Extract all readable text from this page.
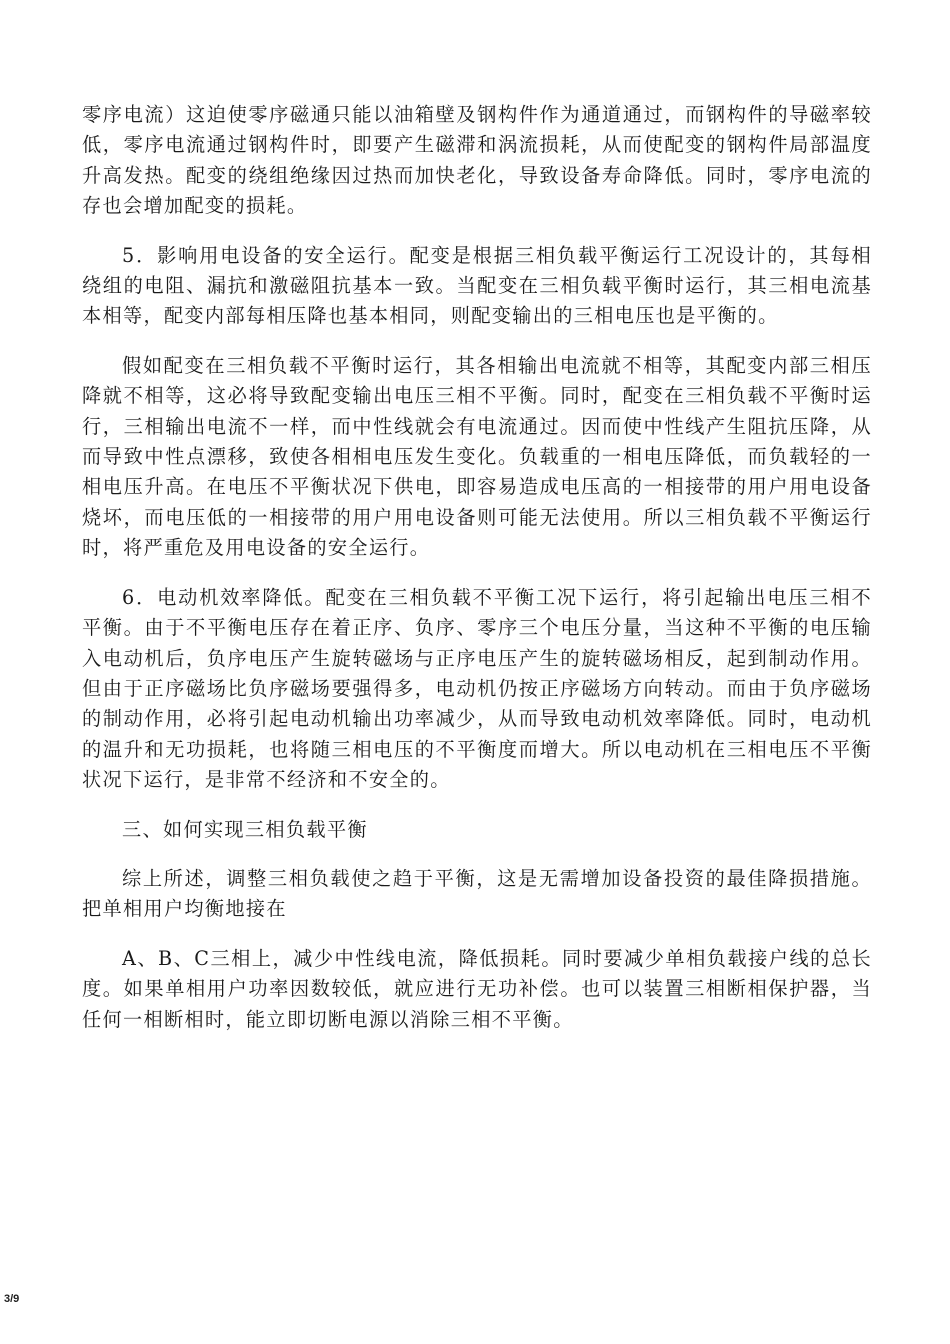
零序电流）这迫使零序磁通只能以油箱壁及钢构件作为通道通过，而钢构件的导磁率较低，零序电流通过钢构件时，即要产生磁滞和涡流损耗，从而使配变的钢构件局部温度升高发热。配变的绕组绝缘因过热而加快老化，导致设备寿命降低。同时，零序电流的存也会增加配变的损耗。

5．影响用电设备的安全运行。配变是根据三相负载平衡运行工况设计的，其每相绕组的电阻、漏抗和激磁阻抗基本一致。当配变在三相负载平衡时运行，其三相电流基本相等，配变内部每相压降也基本相同，则配变输出的三相电压也是平衡的。

假如配变在三相负载不平衡时运行，其各相输出电流就不相等，其配变内部三相压降就不相等，这必将导致配变输出电压三相不平衡。同时，配变在三相负载不平衡时运行，三相输出电流不一样，而中性线就会有电流通过。因而使中性线产生阻抗压降，从而导致中性点漂移，致使各相相电压发生变化。负载重的一相电压降低，而负载轻的一相电压升高。在电压不平衡状况下供电，即容易造成电压高的一相接带的用户用电设备烧坏，而电压低的一相接带的用户用电设备则可能无法使用。所以三相负载不平衡运行时，将严重危及用电设备的安全运行。

6．电动机效率降低。配变在三相负载不平衡工况下运行，将引起输出电压三相不平衡。由于不平衡电压存在着正序、负序、零序三个电压分量，当这种不平衡的电压输入电动机后，负序电压产生旋转磁场与正序电压产生的旋转磁场相反，起到制动作用。但由于正序磁场比负序磁场要强得多，电动机仍按正序磁场方向转动。而由于负序磁场的制动作用，必将引起电动机输出功率减少，从而导致电动机效率降低。同时，电动机的温升和无功损耗，也将随三相电压的不平衡度而增大。所以电动机在三相电压不平衡状况下运行，是非常不经济和不安全的。

三、如何实现三相负载平衡

综上所述，调整三相负载使之趋于平衡，这是无需增加设备投资的最佳降损措施。把单相用户均衡地接在

A、B、C三相上，减少中性线电流，降低损耗。同时要减少单相负载接户线的总长度。如果单相用户功率因数较低，就应进行无功补偿。也可以装置三相断相保护器，当任何一相断相时，能立即切断电源以消除三相不平衡。

3/9
